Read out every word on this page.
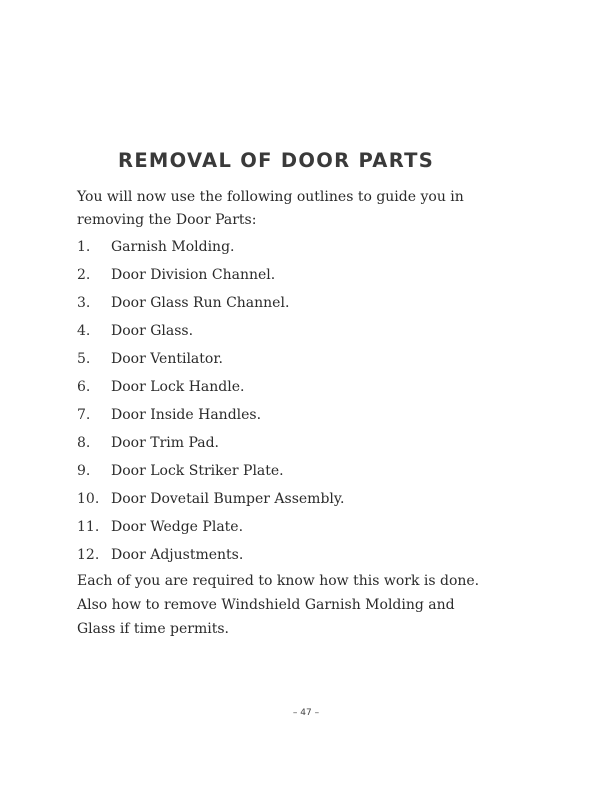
REMOVAL OF DOOR PARTS
You will now use the following outlines to guide you in removing the Door Parts:
1.	Garnish Molding.
2.	Door Division Channel.
3.	Door Glass Run Channel.
4.	Door Glass.
5.	Door Ventilator.
6.	Door Lock Handle.
7.	Door Inside Handles.
8.	Door Trim Pad.
9.	Door Lock Striker Plate.
10. Door Dovetail Bumper Assembly.
11. Door Wedge Plate.
12. Door Adjustments.
Each of you are required to know how this work is done. Also how to remove Windshield Garnish Molding and Glass if time permits.
– 47 –
